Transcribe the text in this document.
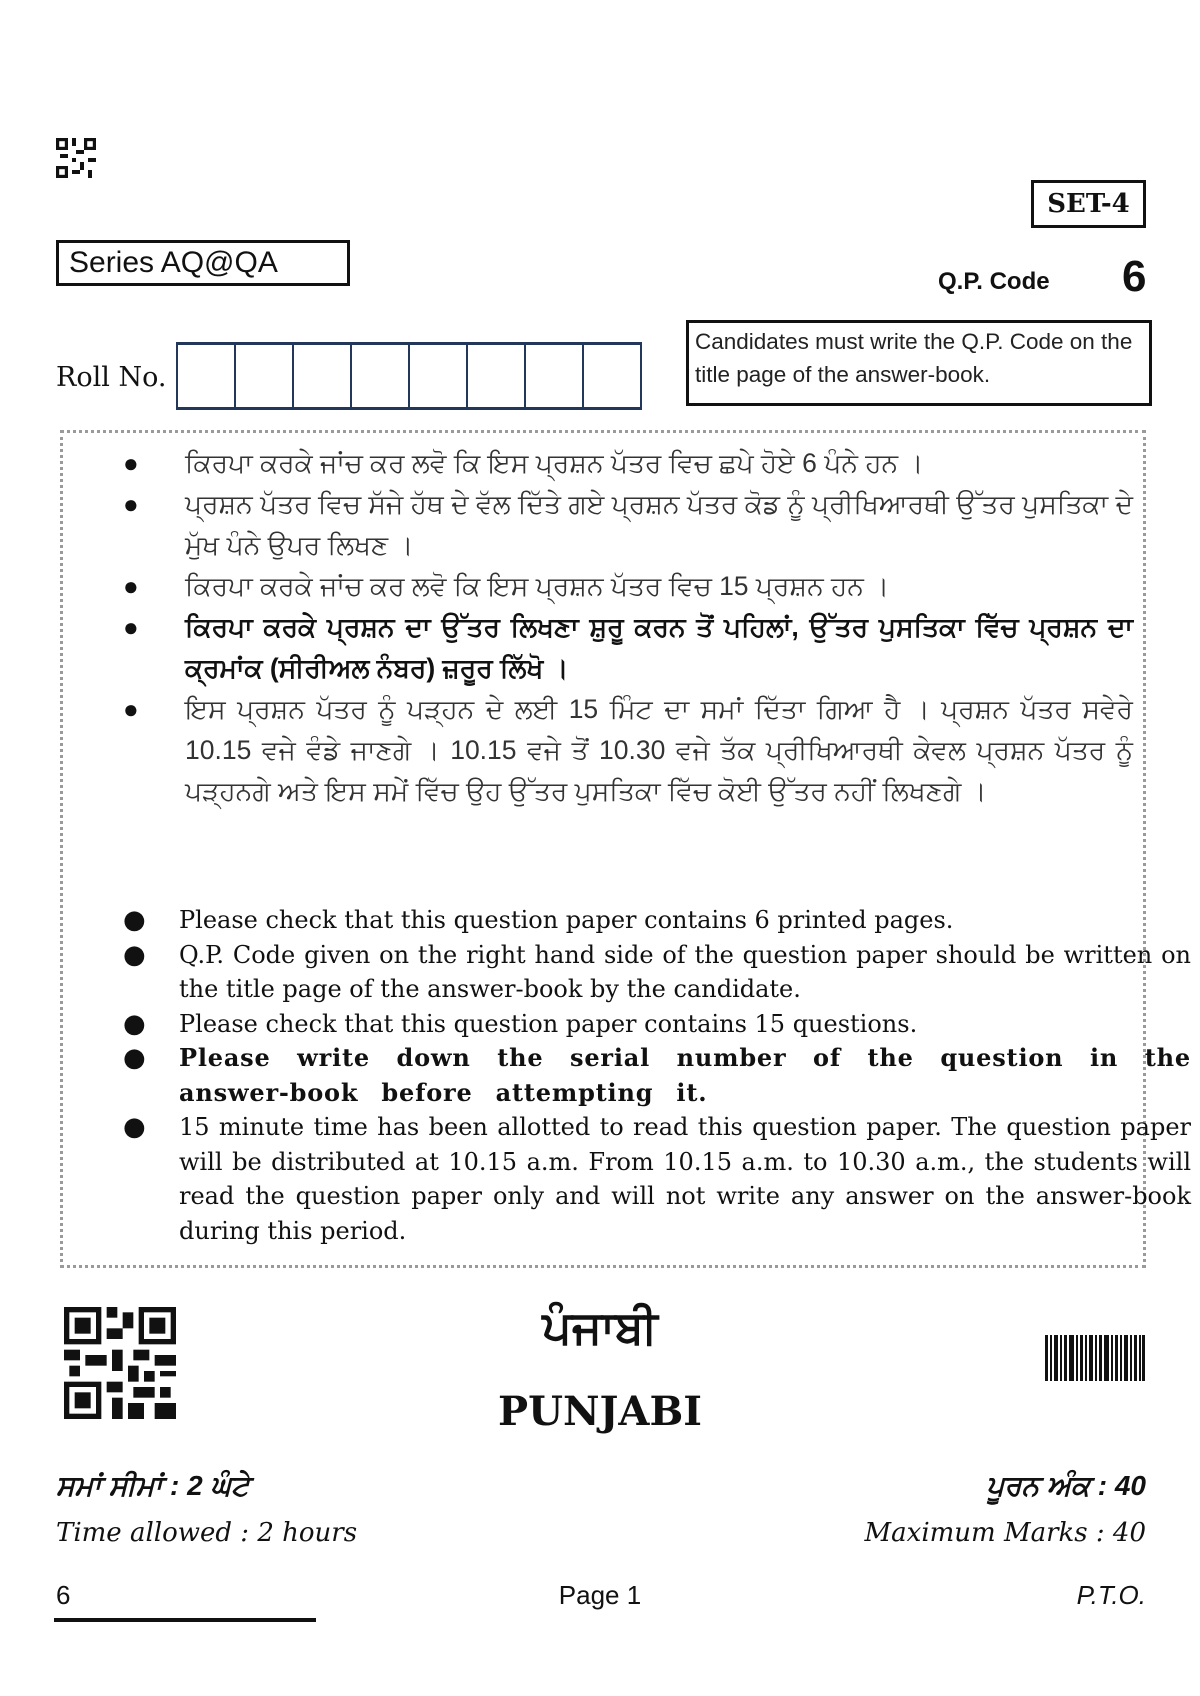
SET-4
Series AQ@QA
Q.P. Code 6
Roll No.
Candidates must write the Q.P. Code on the title page of the answer-book.
● ਕਿਰਪਾ ਕਰਕੇ ਜਾਂਚ ਕਰ ਲਵੋ ਕਿ ਇਸ ਪ੍ਰਸ਼ਨ ਪੱਤਰ ਵਿਚ ਛਪੇ ਹੋਏ 6 ਪੰਨੇ ਹਨ ।
● ਪ੍ਰਸ਼ਨ ਪੱਤਰ ਵਿਚ ਸੱਜੇ ਹੱਥ ਦੇ ਵੱਲ ਦਿੱਤੇ ਗਏ ਪ੍ਰਸ਼ਨ ਪੱਤਰ ਕੋਡ ਨੂੰ ਪ੍ਰੀਖਿਆਰਥੀ ਉੱਤਰ ਪੁਸਤਿਕਾ ਦੇ ਮੁੱਖ ਪੰਨੇ ਉਪਰ ਲਿਖਣ ।
● ਕਿਰਪਾ ਕਰਕੇ ਜਾਂਚ ਕਰ ਲਵੋ ਕਿ ਇਸ ਪ੍ਰਸ਼ਨ ਪੱਤਰ ਵਿਚ 15 ਪ੍ਰਸ਼ਨ ਹਨ ।
● ਕਿਰਪਾ ਕਰਕੇ ਪ੍ਰਸ਼ਨ ਦਾ ਉੱਤਰ ਲਿਖਣਾ ਸ਼ੁਰੂ ਕਰਨ ਤੋਂ ਪਹਿਲਾਂ, ਉੱਤਰ ਪੁਸਤਿਕਾ ਵਿੱਚ ਪ੍ਰਸ਼ਨ ਦਾ ਕ੍ਰਮਾਂਕ (ਸੀਰੀਅਲ ਨੰਬਰ) ਜ਼ਰੂਰ ਲਿੱਖੋ ।
● ਇਸ ਪ੍ਰਸ਼ਨ ਪੱਤਰ ਨੂੰ ਪੜ੍ਹਨ ਦੇ ਲਈ 15 ਮਿੰਟ ਦਾ ਸਮਾਂ ਦਿੱਤਾ ਗਿਆ ਹੈ । ਪ੍ਰਸ਼ਨ ਪੱਤਰ ਸਵੇਰੇ 10.15 ਵਜੇ ਵੰਡੇ ਜਾਣਗੇ । 10.15 ਵਜੇ ਤੋਂ 10.30 ਵਜੇ ਤੱਕ ਪ੍ਰੀਖਿਆਰਥੀ ਕੇਵਲ ਪ੍ਰਸ਼ਨ ਪੱਤਰ ਨੂੰ ਪੜ੍ਹਨਗੇ ਅਤੇ ਇਸ ਸਮੇਂ ਵਿੱਚ ਉਹ ਉੱਤਰ ਪੁਸਤਿਕਾ ਵਿੱਚ ਕੋਈ ਉੱਤਰ ਨਹੀਂ ਲਿਖਣਗੇ ।
● Please check that this question paper contains 6 printed pages.
● Q.P. Code given on the right hand side of the question paper should be written on the title page of the answer-book by the candidate.
● Please check that this question paper contains 15 questions.
● Please write down the serial number of the question in the answer-book before attempting it.
● 15 minute time has been allotted to read this question paper. The question paper will be distributed at 10.15 a.m. From 10.15 a.m. to 10.30 a.m., the students will read the question paper only and will not write any answer on the answer-book during this period.
ਪੰਜਾਬੀ
PUNJABI
ਸਮਾਂ ਸੀਮਾਂ : 2 ਘੰਟੇ	ਪੂਰਨ ਅੰਕ : 40
Time allowed : 2 hours	Maximum Marks : 40
6	Page 1	P.T.O.
